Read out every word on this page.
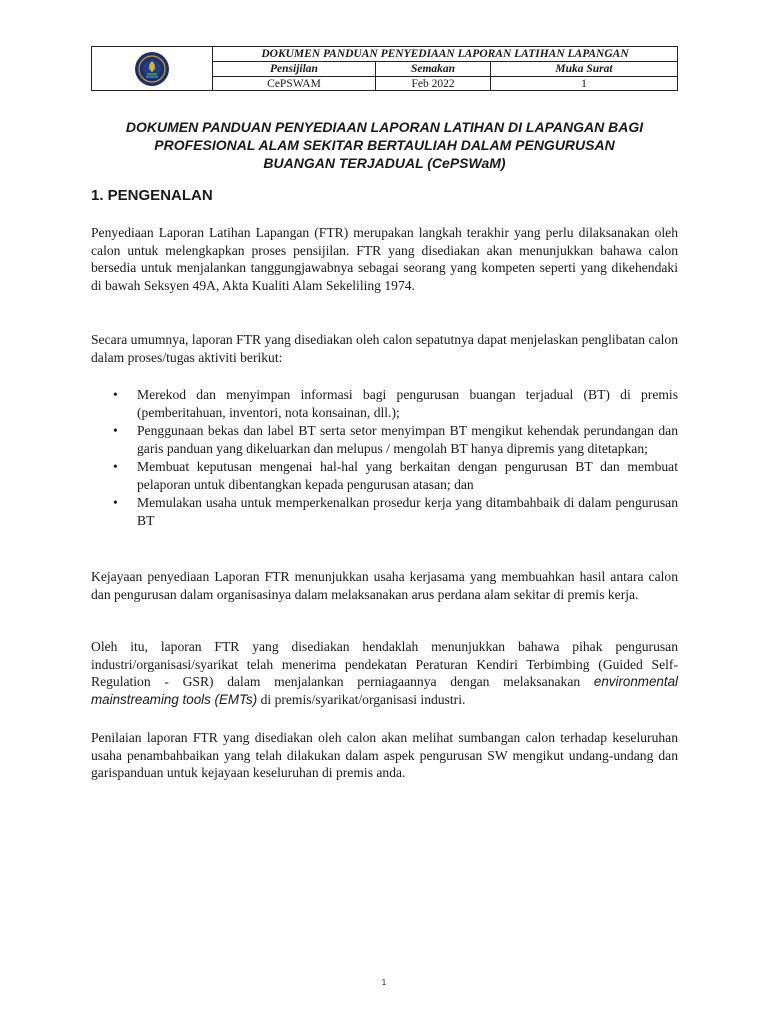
DOKUMEN PANDUAN PENYEDIAAN LAPORAN LATIHAN LAPANGAN
Pensijilan	Semakan	Muka Surat
CePSWAM	Feb 2022	1
DOKUMEN PANDUAN PENYEDIAAN LAPORAN LATIHAN DI LAPANGAN BAGI
PROFESIONAL ALAM SEKITAR BERTAULIAH DALAM PENGURUSAN
BUANGAN TERJADUAL (CePSWaM)
1. PENGENALAN

Penyediaan Laporan Latihan Lapangan (FTR) merupakan langkah terakhir yang perlu dilaksanakan oleh calon untuk melengkapkan proses pensijilan. FTR yang disediakan akan menunjukkan bahawa calon bersedia untuk menjalankan tanggungjawabnya sebagai seorang yang kompeten seperti yang dikehendaki di bawah Seksyen 49A, Akta Kualiti Alam Sekeliling 1974.

Secara umumnya, laporan FTR yang disediakan oleh calon sepatutnya dapat menjelaskan penglibatan calon dalam proses/tugas aktiviti berikut:

• Merekod dan menyimpan informasi bagi pengurusan buangan terjadual (BT) di premis (pemberitahuan, inventori, nota konsainan, dll.);
• Penggunaan bekas dan label BT serta setor menyimpan BT mengikut kehendak perundangan dan garis panduan yang dikeluarkan dan melupus / mengolah BT hanya dipremis yang ditetapkan;
• Membuat keputusan mengenai hal-hal yang berkaitan dengan pengurusan BT dan membuat pelaporan untuk dibentangkan kepada pengurusan atasan; dan
• Memulakan usaha untuk memperkenalkan prosedur kerja yang ditambahbaik di dalam pengurusan BT

Kejayaan penyediaan Laporan FTR menunjukkan usaha kerjasama yang membuahkan hasil antara calon dan pengurusan dalam organisasinya dalam melaksanakan arus perdana alam sekitar di premis kerja.

Oleh itu, laporan FTR yang disediakan hendaklah menunjukkan bahawa pihak pengurusan industri/organisasi/syarikat telah menerima pendekatan Peraturan Kendiri Terbimbing (Guided Self-Regulation - GSR) dalam menjalankan perniagaannya dengan melaksanakan environmental mainstreaming tools (EMTs) di premis/syarikat/organisasi industri.

Penilaian laporan FTR yang disediakan oleh calon akan melihat sumbangan calon terhadap keseluruhan usaha penambahbaikan yang telah dilakukan dalam aspek pengurusan SW mengikut undang-undang dan garispanduan untuk kejayaan keseluruhan di premis anda.

1
